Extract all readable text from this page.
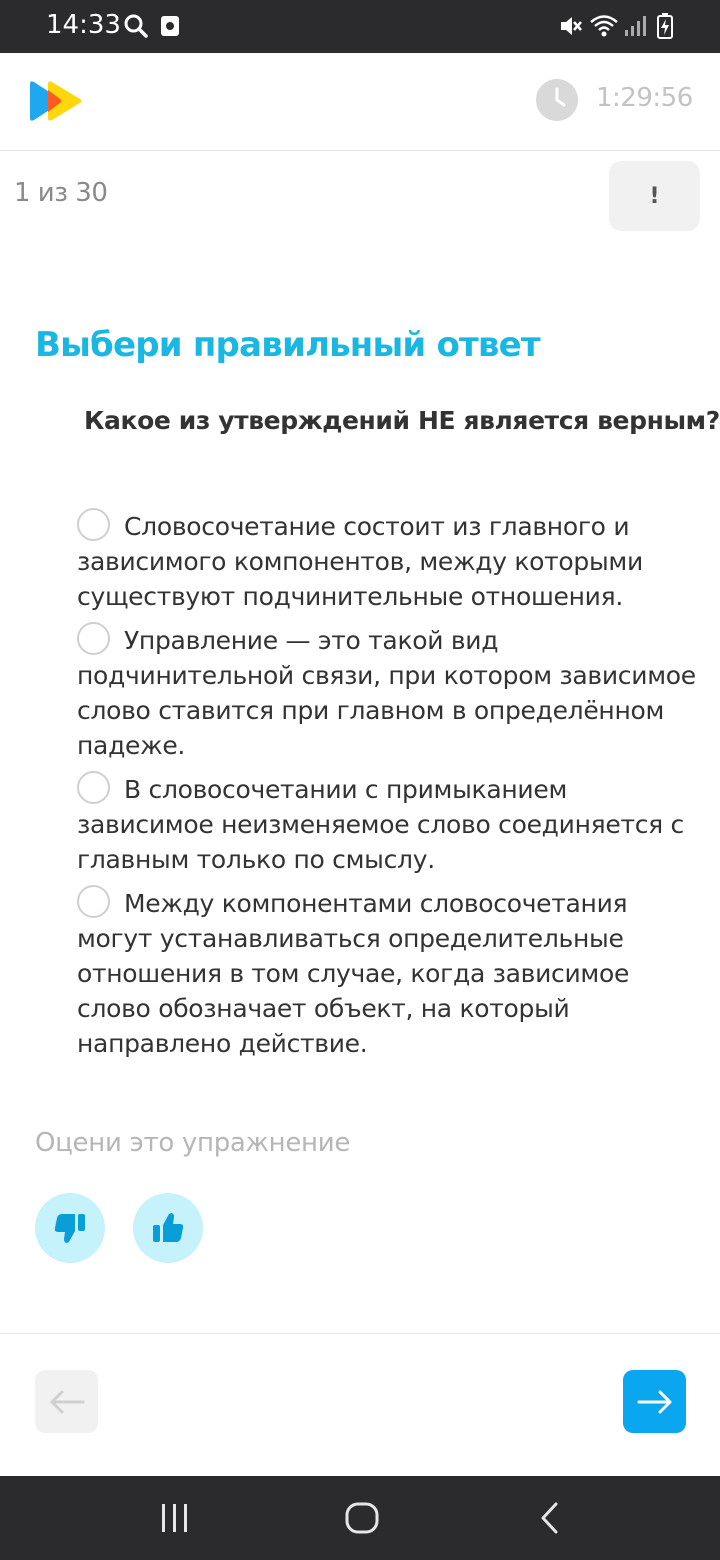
14:33
1:29:56
1 из 30	!
Выбери правильный ответ

Какое из утверждений НЕ является верным?

Словосочетание состоит из главного и
зависимого компонентов, между которыми существуют подчинительные отношения.
Управление — это такой вид
подчинительной связи, при котором зависимое слово ставится при главном в определённом падеже.
В словосочетании с примыканием
зависимое неизменяемое слово соединяется с главным только по смыслу.
Между компонентами словосочетания
могут устанавливаться определительные отношения в том случае, когда зависимое слово обозначает объект, на который направлено действие.
Оцени это упражнение
